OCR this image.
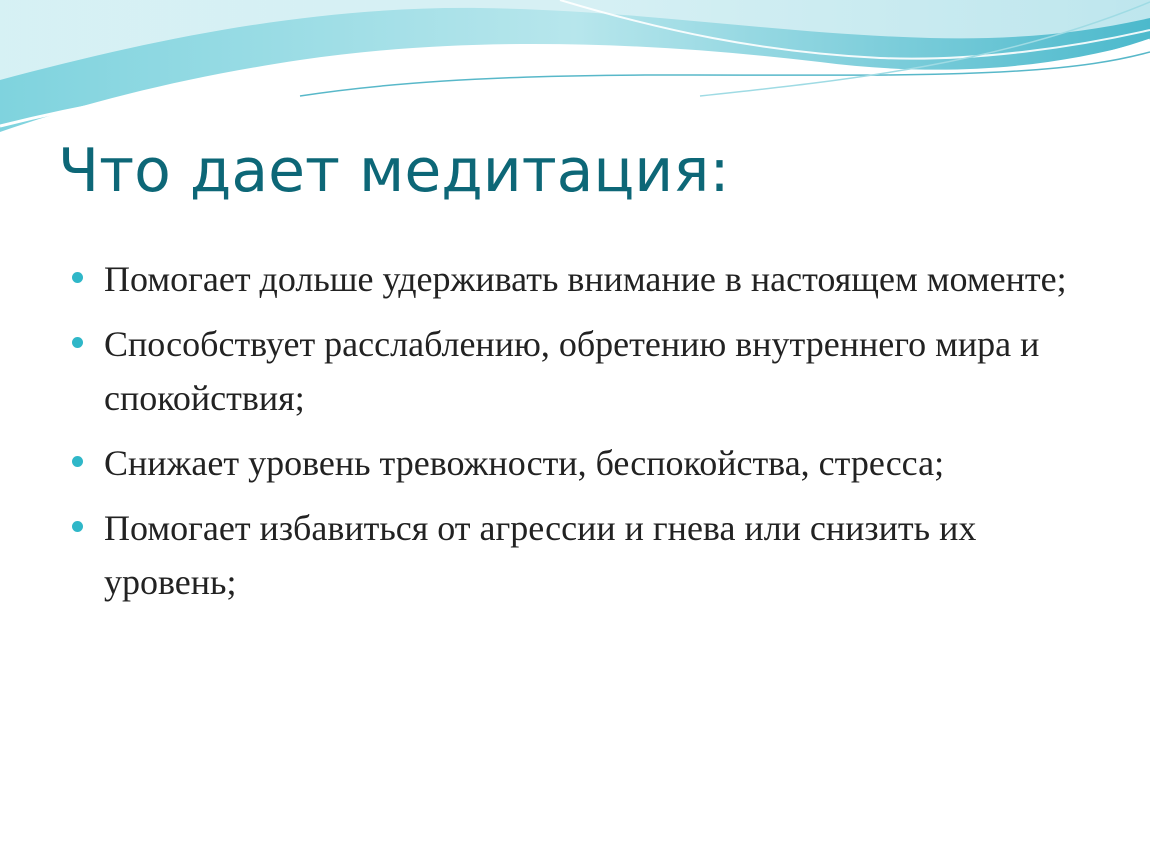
Что дает медитация:
Помогает дольше удерживать внимание в настоящем моменте;
Способствует расслаблению, обретению внутреннего мира и спокойствия;
Снижает уровень тревожности, беспокойства, стресса;
Помогает избавиться от агрессии и гнева или снизить их уровень;
